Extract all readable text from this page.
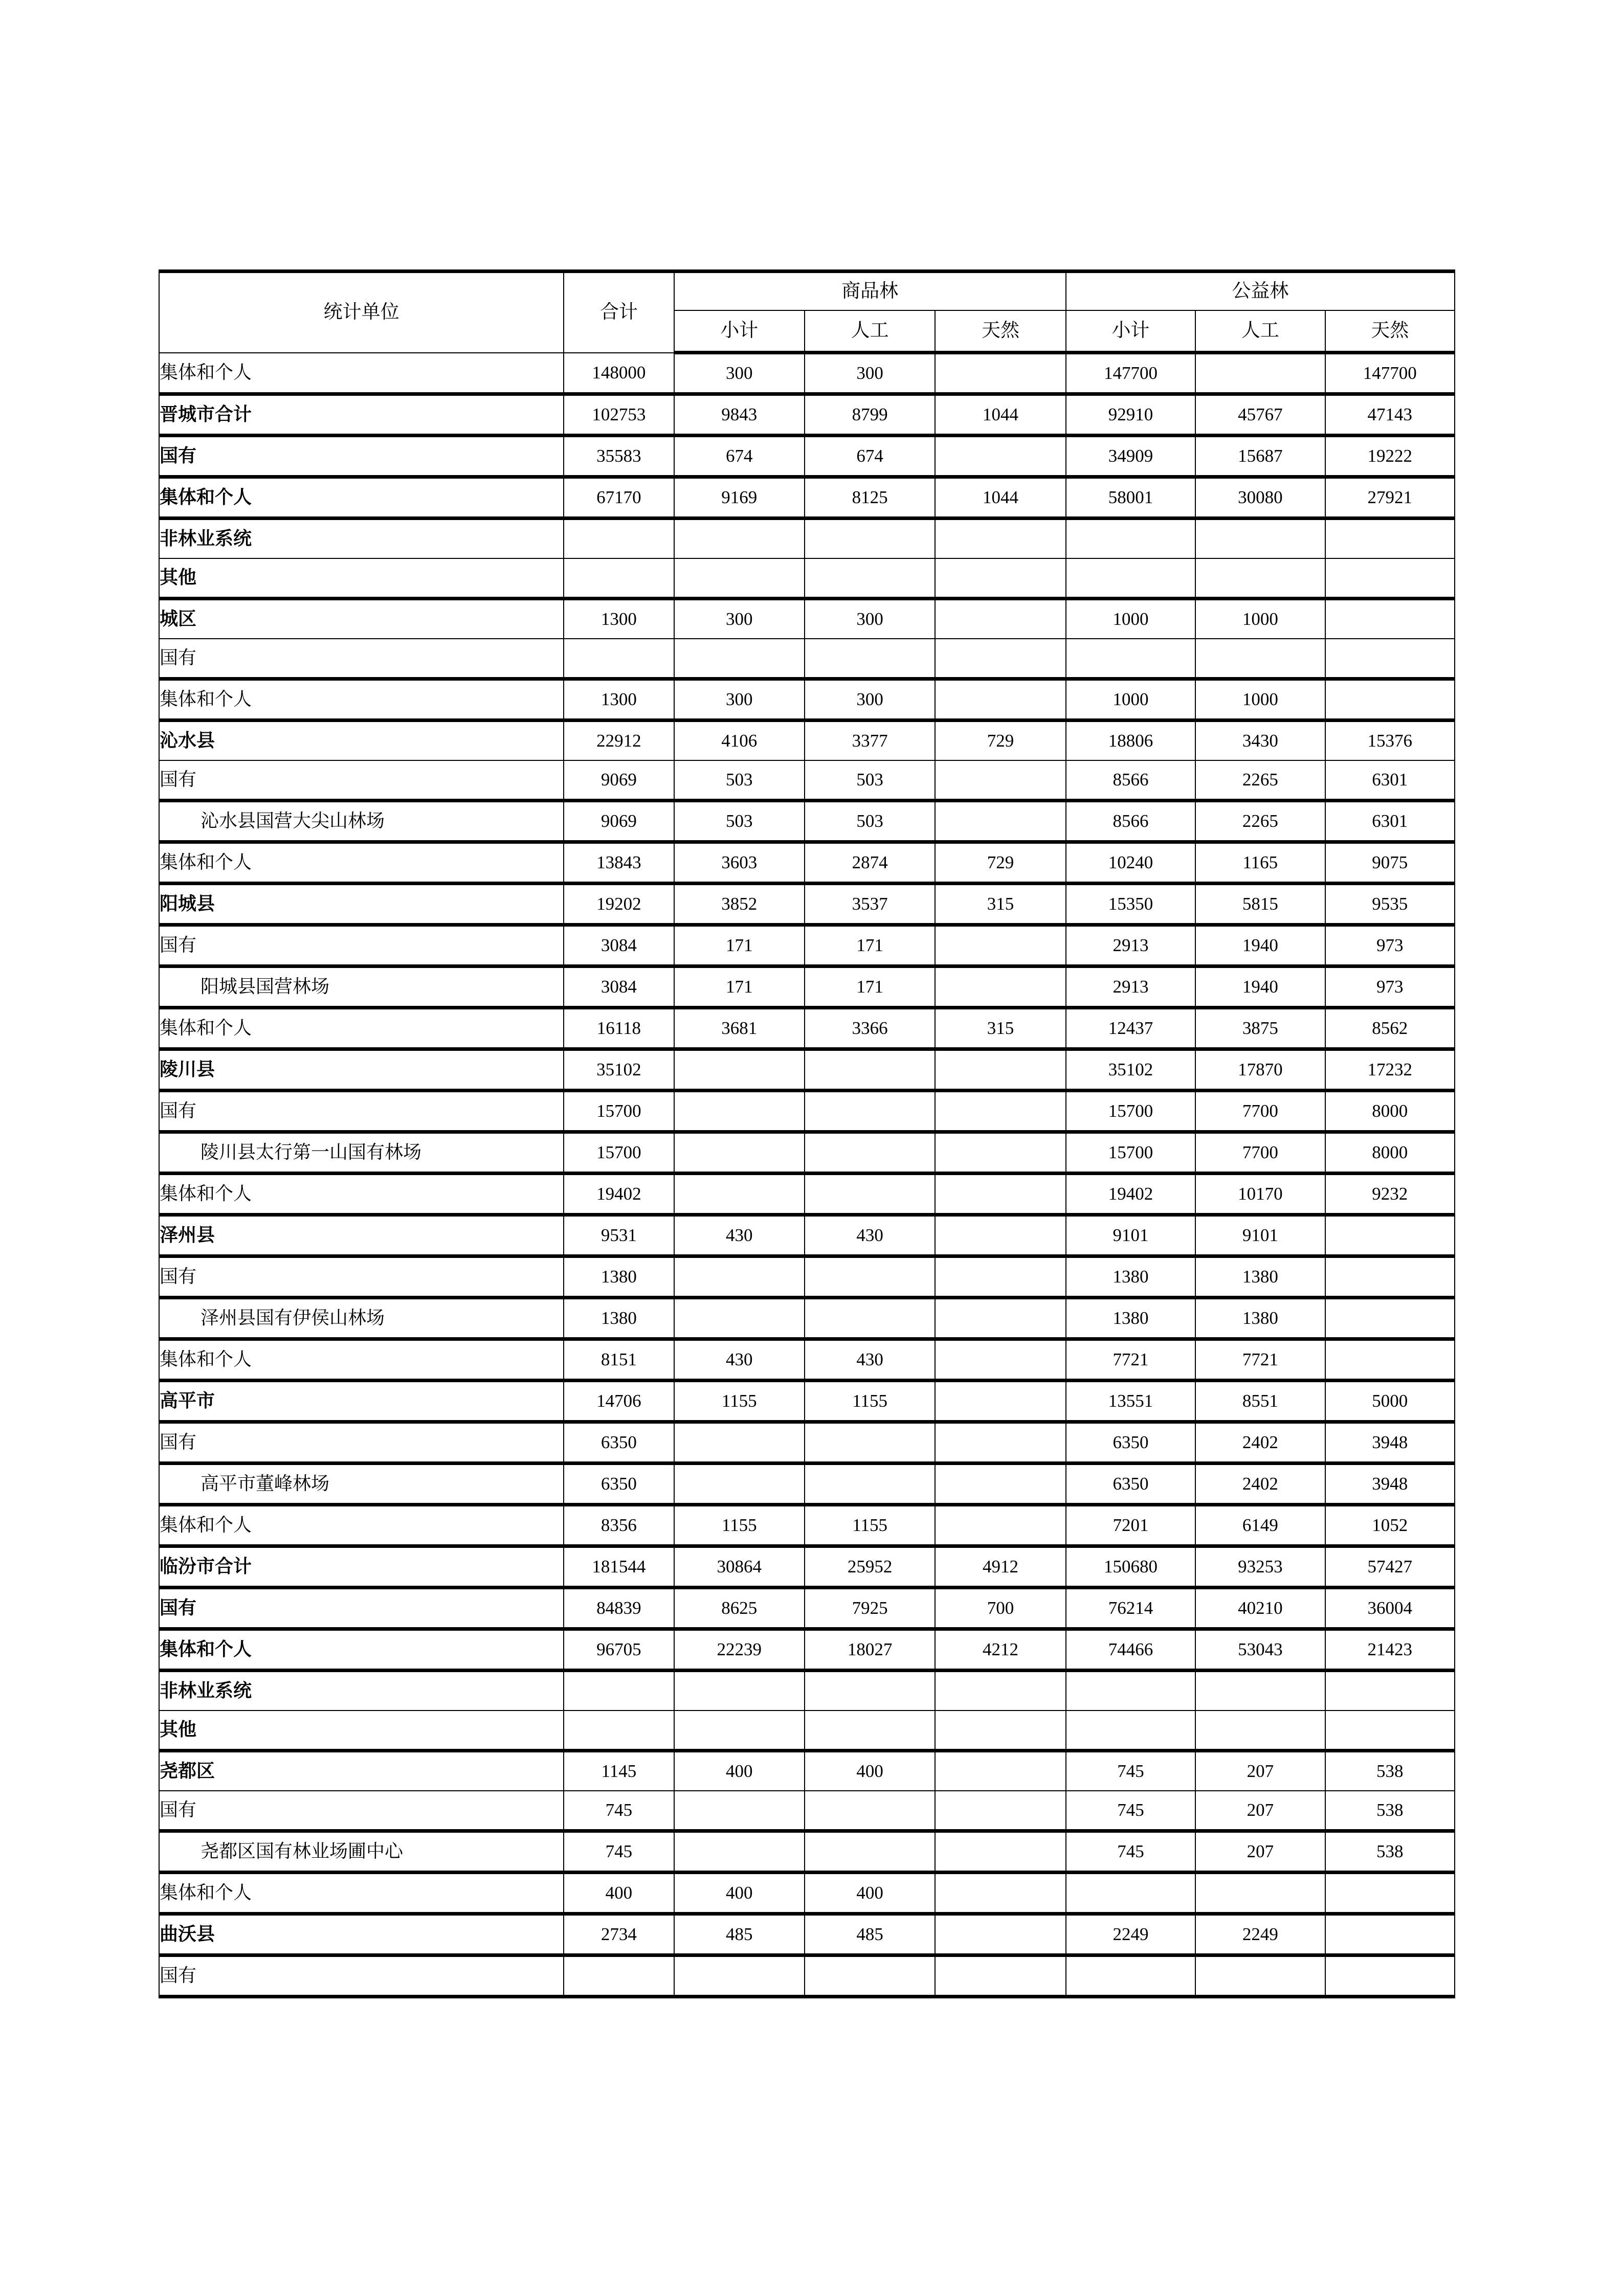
统计单位	合计	商品林			公益林		
		小计	人工	天然	小计	人工	天然
集体和个人	148000	300	300		147700		147700
晋城市合计	102753	9843	8799	1044	92910	45767	47143
国有	35583	674	674		34909	15687	19222
集体和个人	67170	9169	8125	1044	58001	30080	27921
非林业系统							
其他							
城区	1300	300	300		1000	1000	
国有							
集体和个人	1300	300	300		1000	1000	
沁水县	22912	4106	3377	729	18806	3430	15376
国有	9069	503	503		8566	2265	6301
沁水县国营大尖山林场	9069	503	503		8566	2265	6301
集体和个人	13843	3603	2874	729	10240	1165	9075
阳城县	19202	3852	3537	315	15350	5815	9535
国有	3084	171	171		2913	1940	973
阳城县国营林场	3084	171	171		2913	1940	973
集体和个人	16118	3681	3366	315	12437	3875	8562
陵川县	35102				35102	17870	17232
国有	15700				15700	7700	8000
陵川县太行第一山国有林场	15700				15700	7700	8000
集体和个人	19402				19402	10170	9232
泽州县	9531	430	430		9101	9101	
国有	1380				1380	1380	
泽州县国有伊侯山林场	1380				1380	1380	
集体和个人	8151	430	430		7721	7721	
高平市	14706	1155	1155		13551	8551	5000
国有	6350				6350	2402	3948
高平市董峰林场	6350				6350	2402	3948
集体和个人	8356	1155	1155		7201	6149	1052
临汾市合计	181544	30864	25952	4912	150680	93253	57427
国有	84839	8625	7925	700	76214	40210	36004
集体和个人	96705	22239	18027	4212	74466	53043	21423
非林业系统							
其他							
尧都区	1145	400	400		745	207	538
国有	745				745	207	538
尧都区国有林业场圃中心	745				745	207	538
集体和个人	400	400	400				
曲沃县	2734	485	485		2249	2249	
国有							
